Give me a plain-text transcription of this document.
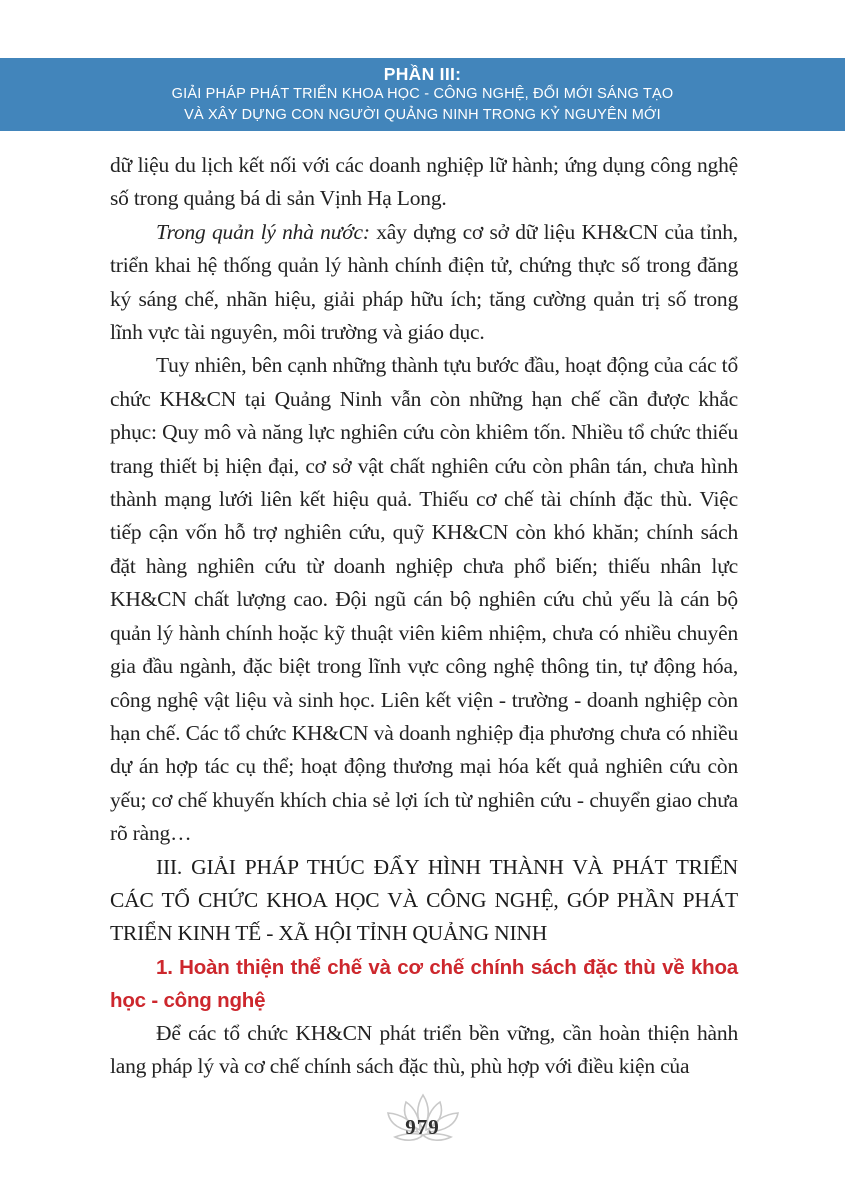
PHẦN III:
GIẢI PHÁP PHÁT TRIỂN KHOA HỌC - CÔNG NGHỆ, ĐỔI MỚI SÁNG TẠO
VÀ XÂY DỰNG CON NGƯỜI QUẢNG NINH TRONG KỶ NGUYÊN MỚI

dữ liệu du lịch kết nối với các doanh nghiệp lữ hành; ứng dụng công nghệ số trong quảng bá di sản Vịnh Hạ Long.

Trong quản lý nhà nước: xây dựng cơ sở dữ liệu KH&CN của tỉnh, triển khai hệ thống quản lý hành chính điện tử, chứng thực số trong đăng ký sáng chế, nhãn hiệu, giải pháp hữu ích; tăng cường quản trị số trong lĩnh vực tài nguyên, môi trường và giáo dục.

Tuy nhiên, bên cạnh những thành tựu bước đầu, hoạt động của các tổ chức KH&CN tại Quảng Ninh vẫn còn những hạn chế cần được khắc phục: Quy mô và năng lực nghiên cứu còn khiêm tốn. Nhiều tổ chức thiếu trang thiết bị hiện đại, cơ sở vật chất nghiên cứu còn phân tán, chưa hình thành mạng lưới liên kết hiệu quả. Thiếu cơ chế tài chính đặc thù. Việc tiếp cận vốn hỗ trợ nghiên cứu, quỹ KH&CN còn khó khăn; chính sách đặt hàng nghiên cứu từ doanh nghiệp chưa phổ biến; thiếu nhân lực KH&CN chất lượng cao. Đội ngũ cán bộ nghiên cứu chủ yếu là cán bộ quản lý hành chính hoặc kỹ thuật viên kiêm nhiệm, chưa có nhiều chuyên gia đầu ngành, đặc biệt trong lĩnh vực công nghệ thông tin, tự động hóa, công nghệ vật liệu và sinh học. Liên kết viện - trường - doanh nghiệp còn hạn chế. Các tổ chức KH&CN và doanh nghiệp địa phương chưa có nhiều dự án hợp tác cụ thể; hoạt động thương mại hóa kết quả nghiên cứu còn yếu; cơ chế khuyến khích chia sẻ lợi ích từ nghiên cứu - chuyển giao chưa rõ ràng…

III. GIẢI PHÁP THÚC ĐẨY HÌNH THÀNH VÀ PHÁT TRIỂN CÁC TỔ CHỨC KHOA HỌC VÀ CÔNG NGHỆ, GÓP PHẦN PHÁT TRIỂN KINH TẾ - XÃ HỘI TỈNH QUẢNG NINH

1. Hoàn thiện thể chế và cơ chế chính sách đặc thù về khoa học - công nghệ

Để các tổ chức KH&CN phát triển bền vững, cần hoàn thiện hành lang pháp lý và cơ chế chính sách đặc thù, phù hợp với điều kiện của

979
